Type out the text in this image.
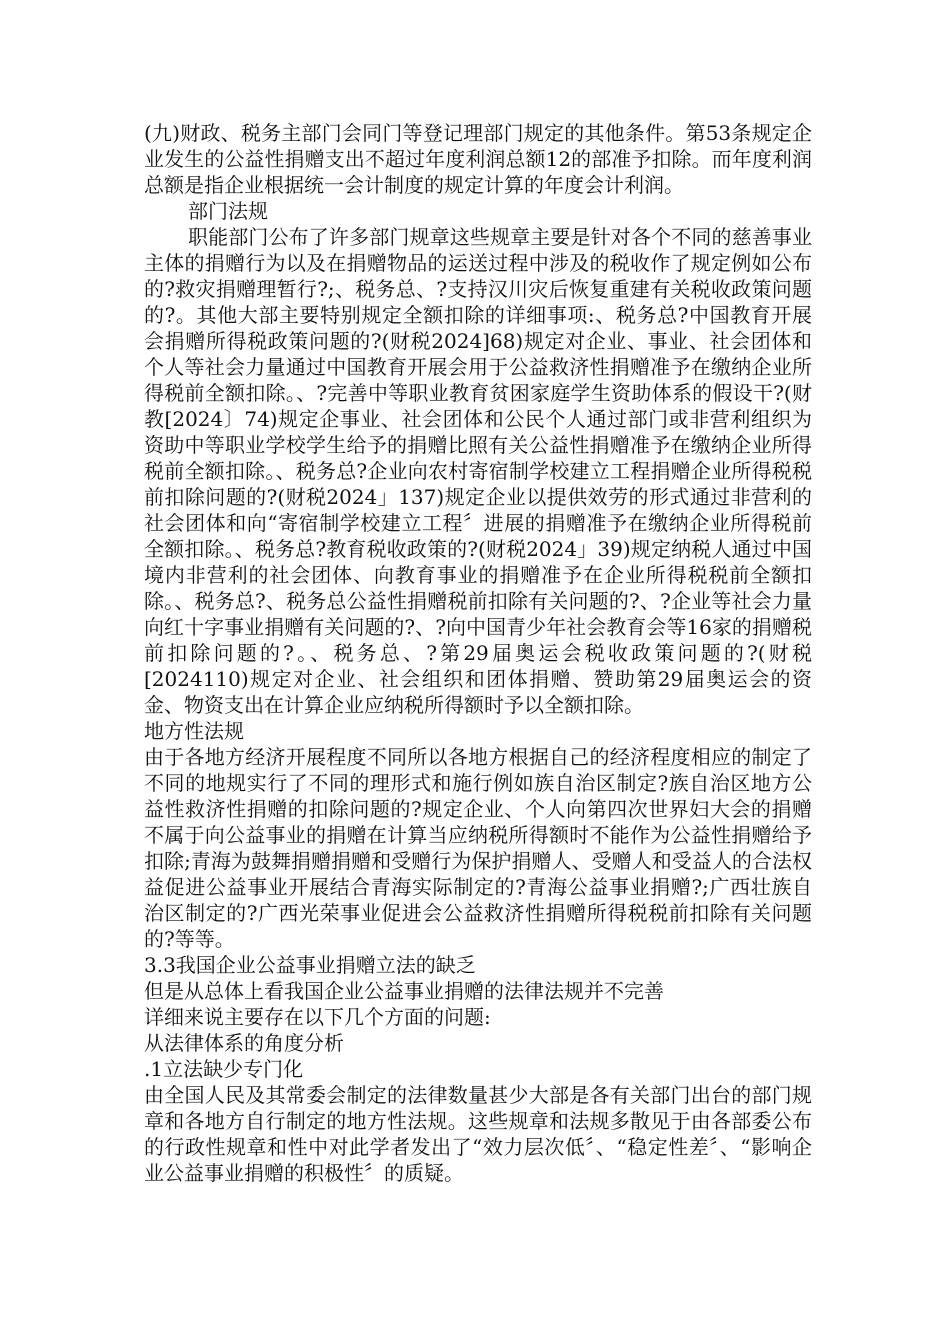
(九)财政、税务主部门会同门等登记理部门规定的其他条件。第53条规定企业发生的公益性捐赠支出不超过年度利润总额12的部准予扣除。而年度利润总额是指企业根据统一会计制度的规定计算的年度会计利润。

部门法规

职能部门公布了许多部门规章这些规章主要是针对各个不同的慈善事业主体的捐赠行为以及在捐赠物品的运送过程中涉及的税收作了规定例如公布的?救灾捐赠理暂行?;、税务总、?支持汉川灾后恢复重建有关税收政策问题的?。其他大部主要特别规定全额扣除的详细事项:、税务总?中国教育开展会捐赠所得税政策问题的?(财税2024]68)规定对企业、事业、社会团体和个人等社会力量通过中国教育开展会用于公益救济性捐赠准予在缴纳企业所得税前全额扣除。、?完善中等职业教育贫困家庭学生资助体系的假设干?(财教[2024〕74)规定企事业、社会团体和公民个人通过部门或非营利组织为资助中等职业学校学生给予的捐赠比照有关公益性捐赠准予在缴纳企业所得税前全额扣除。、税务总?企业向农村寄宿制学校建立工程捐赠企业所得税税前扣除问题的?(财税2024」137)规定企业以提供效劳的形式通过非营利的社会团体和向“寄宿制学校建立工程〞进展的捐赠准予在缴纳企业所得税前全额扣除。、税务总?教育税收政策的?(财税2024」39)规定纳税人通过中国境内非营利的社会团体、向教育事业的捐赠准予在企业所得税税前全额扣除。、税务总?、税务总公益性捐赠税前扣除有关问题的?、?企业等社会力量向红十字事业捐赠有关问题的?、?向中国青少年社会教育会等16家的捐赠税前扣除问题的?。、税务总、?第29届奥运会税收政策问题的?(财税[2024110)规定对企业、社会组织和团体捐赠、赞助第29届奥运会的资金、物资支出在计算企业应纳税所得额时予以全额扣除。

地方性法规

由于各地方经济开展程度不同所以各地方根据自己的经济程度相应的制定了不同的地规实行了不同的理形式和施行例如族自治区制定?族自治区地方公益性救济性捐赠的扣除问题的?规定企业、个人向第四次世界妇大会的捐赠不属于向公益事业的捐赠在计算当应纳税所得额时不能作为公益性捐赠给予扣除;青海为鼓舞捐赠捐赠和受赠行为保护捐赠人、受赠人和受益人的合法权益促进公益事业开展结合青海实际制定的?青海公益事业捐赠?;广西壮族自治区制定的?广西光荣事业促进会公益救济性捐赠所得税税前扣除有关问题的?等等。

3.3我国企业公益事业捐赠立法的缺乏

但是从总体上看我国企业公益事业捐赠的法律法规并不完善

详细来说主要存在以下几个方面的问题:

从法律体系的角度分析

.1立法缺少专门化

由全国人民及其常委会制定的法律数量甚少大部是各有关部门出台的部门规章和各地方自行制定的地方性法规。这些规章和法规多散见于由各部委公布的行政性规章和性中对此学者发出了“效力层次低〞、“稳定性差〞、“影响企业公益事业捐赠的积极性〞的质疑。
